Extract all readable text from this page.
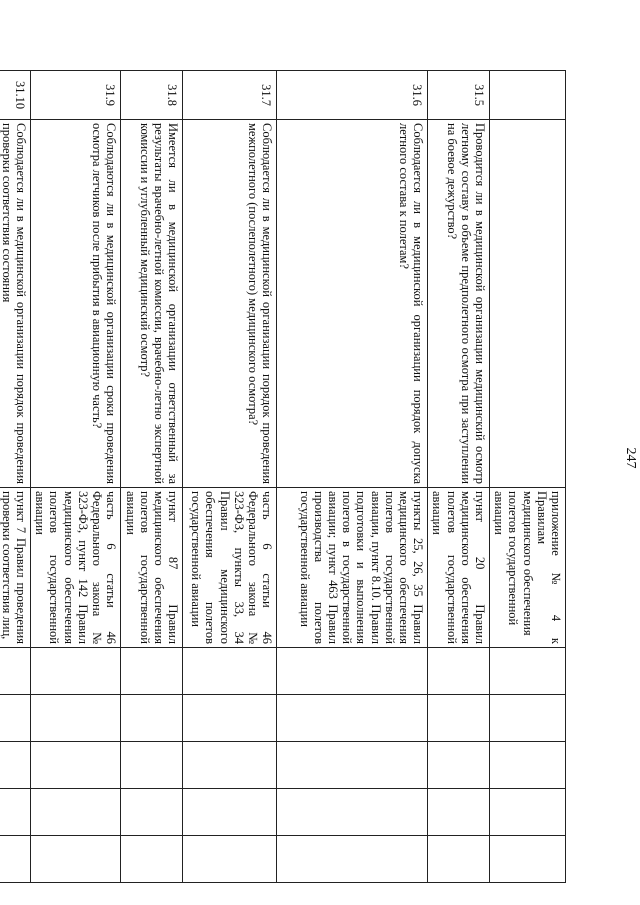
247
		приложение № 4 к Правилам
медицинского обеспечения
полетов государственной
авиации					
31.5	Проводится ли в медицинской организации медицинский осмотр летному составу в объеме предполетного осмотра при заступлении на боевое дежурство?	пункт 20 Правил медицинского обеспечения полетов государственной авиации					
31.6	Соблюдается ли в медицинской организации порядок допуска летного состава к полетам?	пункты 25, 26, 35 Правил медицинского обеспечения полетов государственной авиации, пункт 8.10. Правил подготовки и выполнения полетов в государственной авиации; пункт 463 Правил производства полетов государственной авиации					
31.7	Соблюдается ли в медицинской организации порядок проведения межполетного (послеполетного) медицинского осмотра?	часть 6 статьи 46 Федерального закона № 323-ФЗ, пункты 33, 34 Правил медицинского обеспечения полетов государственной авиации					
31.8	Имеется ли в медицинской организации ответственный за результаты врачебно-летной комиссии, врачебно-летно экспертной комиссии и углубленный медицинский осмотр?	пункт 87 Правил медицинского обеспечения полетов государственной авиации					
31.9	Соблюдаются ли в медицинской организации сроки проведения осмотра летчиков после прибытия в авиационную часть?	часть 6 статьи 46 Федерального закона № 323-ФЗ, пункт 142 Правил медицинского обеспечения полетов государственной авиации					
31.10	Соблюдается ли в медицинской организации порядок проведения проверки соответствия состояния	пункт 7 Правил проведения проверки соответствия лиц,					
